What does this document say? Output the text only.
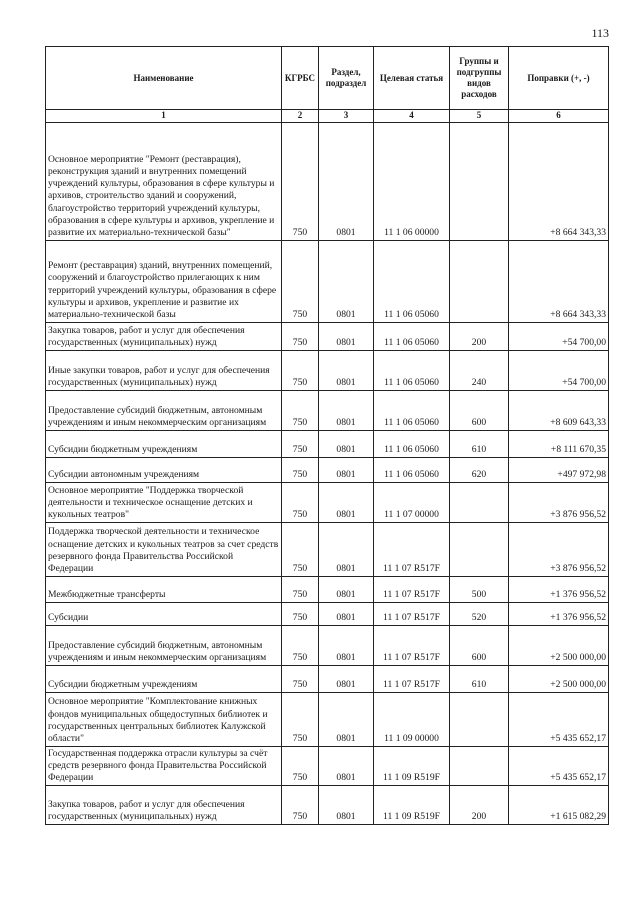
113
Наименование	КГРБС	Раздел, подраздел	Целевая статья	Группы и подгруппы видов расходов	Поправки (+, -)
1	2	3	4	5	6
Основное мероприятие "Ремонт (реставрация), реконструкция зданий и внутренних помещений учреждений культуры, образования в сфере культуры и архивов, строительство зданий и сооружений, благоустройство территорий учреждений культуры, образования в сфере культуры и архивов, укрепление и развитие их материально-технической базы"	750	0801	11 1 06 00000		+8 664 343,33
Ремонт (реставрация) зданий, внутренних помещений, сооружений и благоустройство прилегающих к ним территорий учреждений культуры, образования в сфере культуры и архивов, укрепление и развитие их материально-технической базы	750	0801	11 1 06 05060		+8 664 343,33
Закупка товаров, работ и услуг для обеспечения государственных (муниципальных) нужд	750	0801	11 1 06 05060	200	+54 700,00
Иные закупки товаров, работ и услуг для обеспечения государственных (муниципальных) нужд	750	0801	11 1 06 05060	240	+54 700,00
Предоставление субсидий бюджетным, автономным учреждениям и иным некоммерческим организациям	750	0801	11 1 06 05060	600	+8 609 643,33
Субсидии бюджетным учреждениям	750	0801	11 1 06 05060	610	+8 111 670,35
Субсидии автономным учреждениям	750	0801	11 1 06 05060	620	+497 972,98
Основное мероприятие "Поддержка творческой деятельности и техническое оснащение детских и кукольных театров"	750	0801	11 1 07 00000		+3 876 956,52
Поддержка творческой деятельности и техническое оснащение детских и кукольных театров за счет средств резервного фонда Правительства Российской Федерации	750	0801	11 1 07 R517F		+3 876 956,52
Межбюджетные трансферты	750	0801	11 1 07 R517F	500	+1 376 956,52
Субсидии	750	0801	11 1 07 R517F	520	+1 376 956,52
Предоставление субсидий бюджетным, автономным учреждениям и иным некоммерческим организациям	750	0801	11 1 07 R517F	600	+2 500 000,00
Субсидии бюджетным учреждениям	750	0801	11 1 07 R517F	610	+2 500 000,00
Основное мероприятие "Комплектование книжных фондов муниципальных общедоступных библиотек и государственных центральных библиотек Калужской области"	750	0801	11 1 09 00000		+5 435 652,17
Государственная поддержка отрасли культуры за счёт средств резервного фонда Правительства Российской Федерации	750	0801	11 1 09 R519F		+5 435 652,17
Закупка товаров, работ и услуг для обеспечения государственных (муниципальных) нужд	750	0801	11 1 09 R519F	200	+1 615 082,29
